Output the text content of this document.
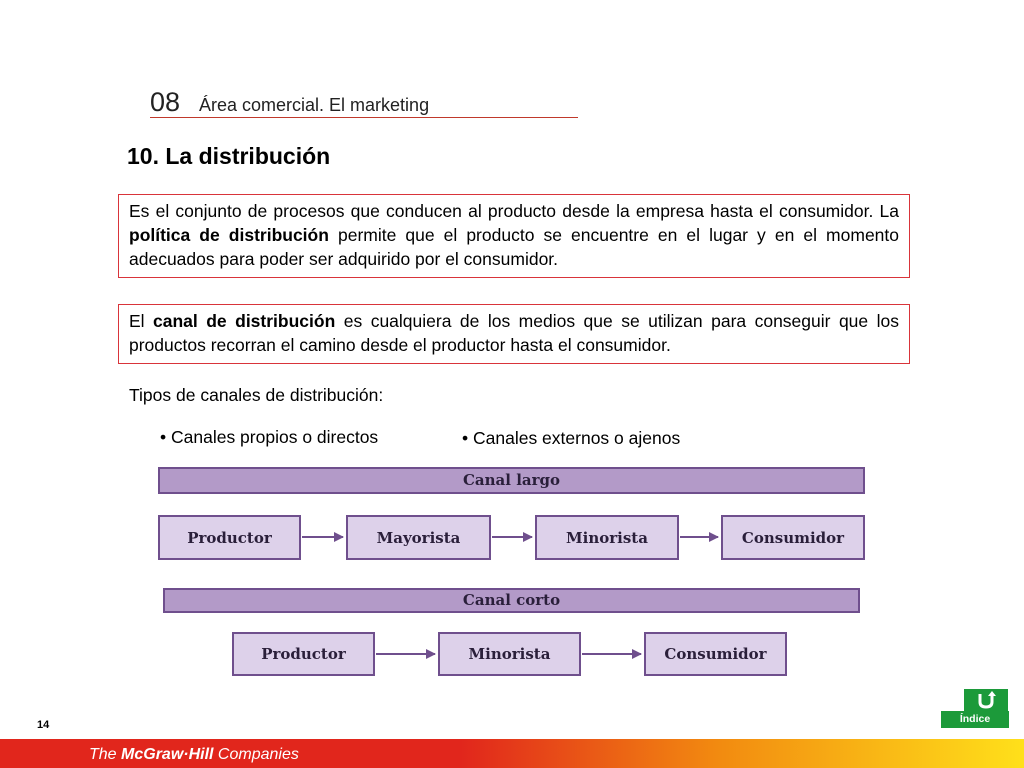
08 Área comercial. El marketing
10. La distribución
Es el conjunto de procesos que conducen al producto desde la empresa hasta el consumidor. La política de distribución permite que el producto se encuentre en el lugar y en el momento adecuados para poder ser adquirido por el consumidor.
El canal de distribución es cualquiera de los medios que se utilizan para conseguir que los productos recorran el camino desde el productor hasta el consumidor.
Tipos de canales de distribución:
• Canales propios o directos	• Canales externos o ajenos
Canal largo
Productor	Mayorista	Minorista	Consumidor
Canal corto
Productor	Minorista	Consumidor
14	Índice
The McGraw·Hill Companies
